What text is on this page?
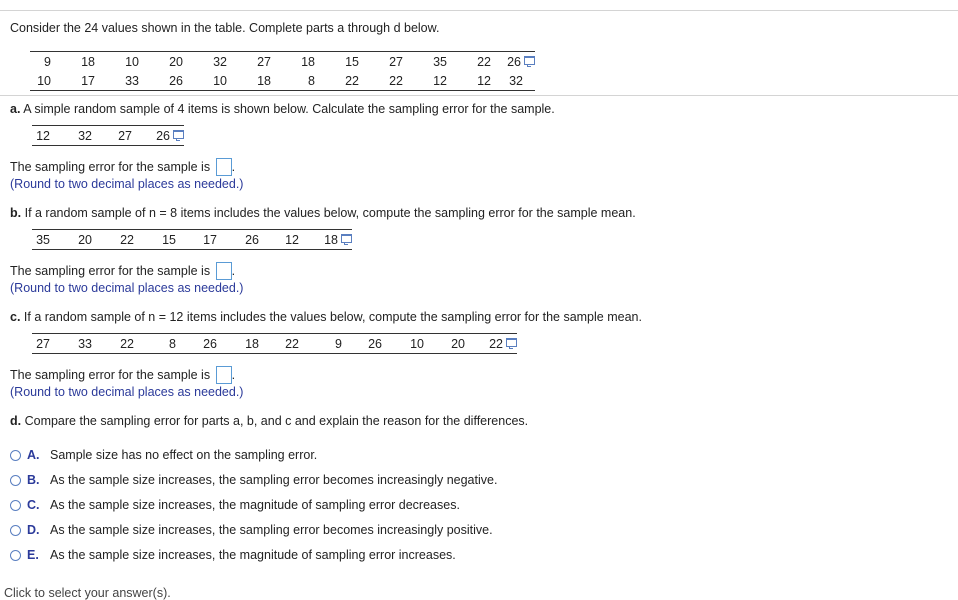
Consider the 24 values shown in the table. Complete parts a through d below.
9	18	10	20	32	27	18	15	27	35	22	26
10	17	33	26	10	18	8	22	22	12	12	32
a. A simple random sample of 4 items is shown below. Calculate the sampling error for the sample.
12	32	27	26
The sampling error for the sample is .
(Round to two decimal places as needed.)
b. If a random sample of n = 8 items includes the values below, compute the sampling error for the sample mean.
35	20	22	15	17	26	12	18
The sampling error for the sample is .
(Round to two decimal places as needed.)
c. If a random sample of n = 12 items includes the values below, compute the sampling error for the sample mean.
27	33	22	8	26	18	22	9	26	10	20	22
The sampling error for the sample is .
(Round to two decimal places as needed.)
d. Compare the sampling error for parts a, b, and c and explain the reason for the differences.
A. Sample size has no effect on the sampling error.
B. As the sample size increases, the sampling error becomes increasingly negative.
C. As the sample size increases, the magnitude of sampling error decreases.
D. As the sample size increases, the sampling error becomes increasingly positive.
E. As the sample size increases, the magnitude of sampling error increases.
Click to select your answer(s).
